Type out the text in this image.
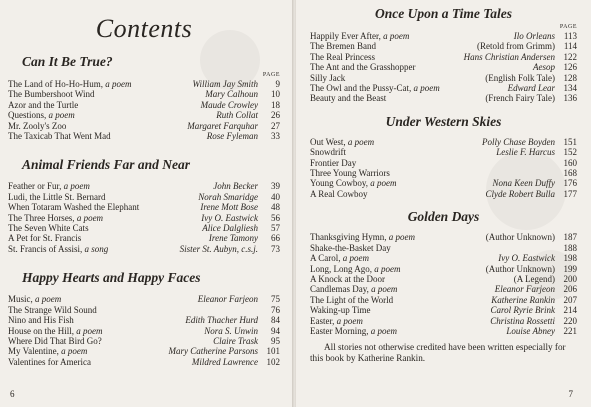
Contents
Can It Be True?
PAGE
The Land of Ho-Ho-Hum, a poem	William Jay Smith	9
The Bumbershoot Wind	Mary Calhoun	10
Azor and the Turtle	Maude Crowley	18
Questions, a poem	Ruth Collat	26
Mr. Zooly's Zoo	Margaret Farquhar	27
The Taxicab That Went Mad	Rose Fyleman	33
Animal Friends Far and Near
Feather or Fur, a poem	John Becker	39
Ludi, the Little St. Bernard	Norah Smaridge	40
When Totaram Washed the Elephant	Irene Mott Bose	48
The Three Horses, a poem	Ivy O. Eastwick	56
The Seven White Cats	Alice Dalgliesh	57
A Pet for St. Francis	Irene Tamony	66
St. Francis of Assisi, a song	Sister St. Aubyn, c.s.j.	73
Happy Hearts and Happy Faces
Music, a poem	Eleanor Farjeon	75
The Strange Wild Sound	76
Nino and His Fish	Edith Thacher Hurd	84
House on the Hill, a poem	Nora S. Unwin	94
Where Did That Bird Go?	Claire Trask	95
My Valentine, a poem	Mary Catherine Parsons 101
Valentines for America	Mildred Lawrence 102
6
Once Upon a Time Tales
PAGE
Happily Ever After, a poem	Ilo Orleans 113
The Bremen Band	(Retold from Grimm) 114
The Real Princess	Hans Christian Andersen 122
The Ant and the Grasshopper	Aesop 126
Silly Jack	(English Folk Tale) 128
The Owl and the Pussy-Cat, a poem	Edward Lear 134
Beauty and the Beast	(French Fairy Tale) 136
Under Western Skies
Out West, a poem	Polly Chase Boyden 151
Snowdrift	Leslie F. Harcus 152
Frontier Day	160
Three Young Warriors	168
Young Cowboy, a poem	Nona Keen Duffy 176
A Real Cowboy	Clyde Robert Bulla 177
Golden Days
Thanksgiving Hymn, a poem	(Author Unknown) 187
Shake-the-Basket Day	188
A Carol, a poem	Ivy O. Eastwick 198
Long, Long Ago, a poem	(Author Unknown) 199
A Knock at the Door	(A Legend) 200
Candlemas Day, a poem	Eleanor Farjeon 206
The Light of the World	Katherine Rankin 207
Waking-up Time	Carol Ryrie Brink 214
Easter, a poem	Christina Rossetti 220
Easter Morning, a poem	Louise Abney 221

All stories not otherwise credited have been written especially for this book by Katherine Rankin.

7
